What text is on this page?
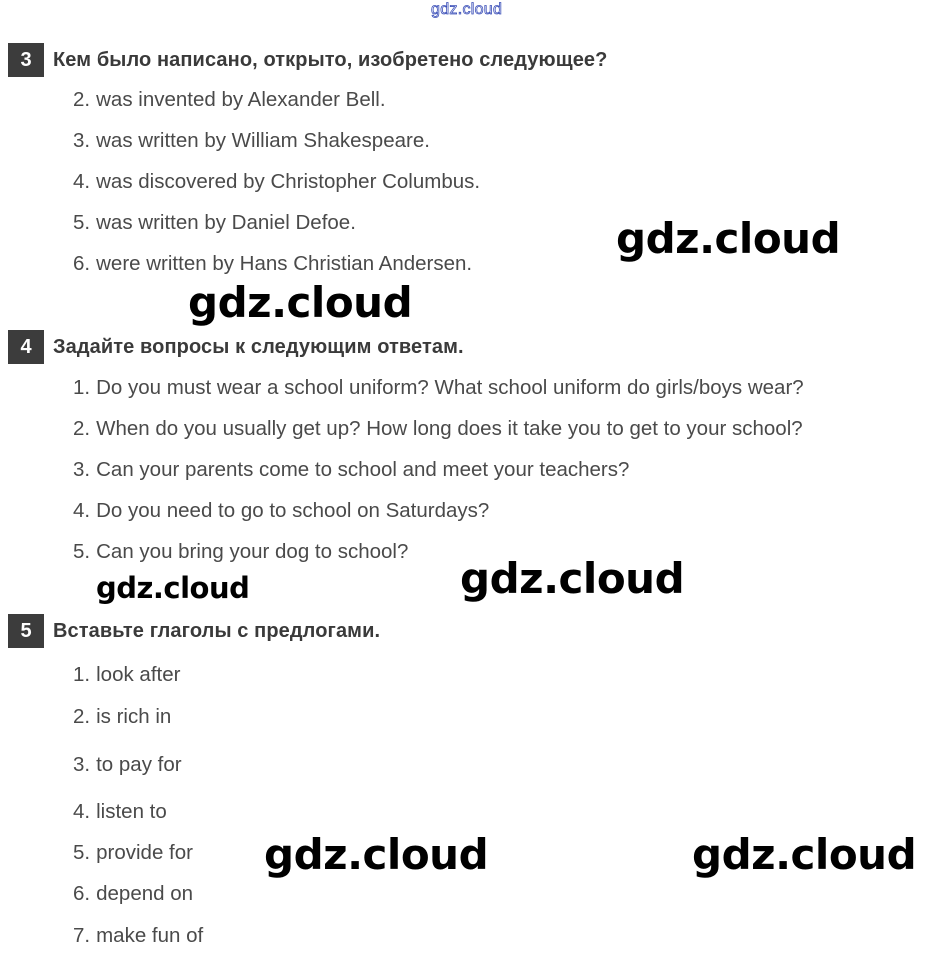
gdz.cloud
3	Кем было написано, открыто, изобретено следующее?
2. was invented by Alexander Bell.
3. was written by William Shakespeare.
4. was discovered by Christopher Columbus.
5. was written by Daniel Defoe.
6. were written by Hans Christian Andersen.
gdz.cloud
gdz.cloud
4	Задайте вопросы к следующим ответам.
1. Do you must wear a school uniform? What school uniform do girls/boys wear?
2. When do you usually get up? How long does it take you to get to your school?
3. Can your parents come to school and meet your teachers?
4. Do you need to go to school on Saturdays?
5. Can you bring your dog to school?
gdz.cloud
gdz.cloud
5	Вставьте глаголы с предлогами.
1. look after
2. is rich in
3. to pay for
4. listen to
5. provide for
6. depend on
7. make fun of
gdz.cloud	gdz.cloud
